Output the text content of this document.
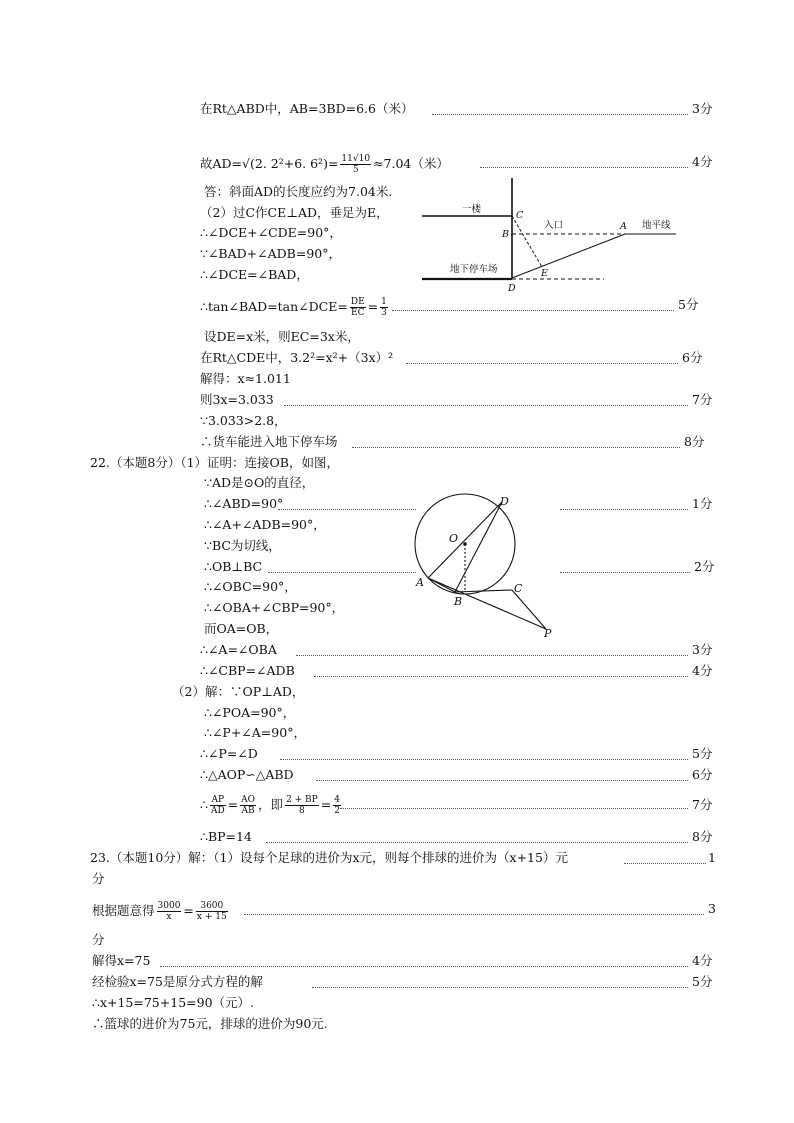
在Rt△ABD中，AB=3BD=6.6（米）	3分
故AD=√(2. 2²+6. $6^2)= \frac{11√10}{5} \approx 7.04$（米）	4分
答：斜面AD的长度应约为7.04米.
（2）过C作CE⊥AD，垂足为E，
∴∠DCE+∠CDE=90°，
∵∠BAD+∠ADB=90°，
∴∠DCE=∠BAD，
∴tan∠BAD=tan∠DCE= $\frac{DE}{EC} = \frac{1}{3}$	5分
设DE=x米，则EC=3x米，
在Rt△CDE中，3.2²=x²+（3x）²	6分
解得：x≈1.011
则3x=3.033	7分
∵3.033>2.8，
∴货车能进入地下停车场	8分
一楼
入口	地平线
地下停车场
C
B
A
E
D
22.（本题8分）（1）证明：连接OB，如图，
∵AD是⊙O的直径，
∴∠ABD=90°	1分
∴∠A+∠ADB=90°，
∵BC为切线，
∴OB⊥BC	2分
∴∠OBC=90°，
∴∠OBA+∠CBP=90°，
而OA=OB，
∴∠A=∠OBA	3分
∴∠CBP=∠ADB	4分
（2）解：∵OP⊥AD，
∴∠POA=90°，
∴∠P+∠A=90°，
∴∠P=∠D	5分
∴△AOP∽△ABD	6分
∴ $\frac{AP}{AD} = \frac{AO}{AB}$ ，即 $\frac{2 + BP}{8} = \frac{4}{2}$	7分
∴BP=14	8分
O
D
A
B
C
P
23.（本题10分）解：（1）设每个足球的进价为x元，则每个排球的进价为（x+15）元	1
分
根据题意得 $\frac{3000}{x} = \frac{3600}{x + 15}$	3
分
解得x=75	4分
经检验x=75是原分式方程的解	5分
∴x+15=75+15=90（元）.
∴篮球的进价为75元，排球的进价为90元.
